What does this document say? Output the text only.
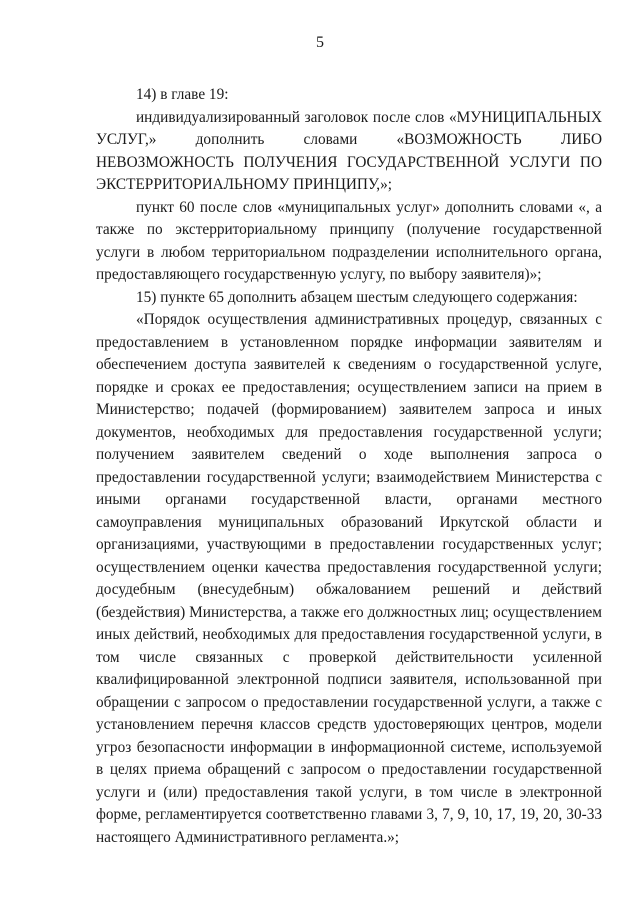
5

14) в главе 19:

индивидуализированный заголовок после слов «МУНИЦИПАЛЬНЫХ УСЛУГ,» дополнить словами «ВОЗМОЖНОСТЬ ЛИБО НЕВОЗМОЖНОСТЬ ПОЛУЧЕНИЯ ГОСУДАРСТВЕННОЙ УСЛУГИ ПО ЭКСТЕРРИТОРИАЛЬНОМУ ПРИНЦИПУ,»;

пункт 60 после слов «муниципальных услуг» дополнить словами «, а также по экстерриториальному принципу (получение государственной услуги в любом территориальном подразделении исполнительного органа, предоставляющего государственную услугу, по выбору заявителя)»;

15) пункте 65 дополнить абзацем шестым следующего содержания:

«Порядок осуществления административных процедур, связанных с предоставлением в установленном порядке информации заявителям и обеспечением доступа заявителей к сведениям о государственной услуге, порядке и сроках ее предоставления; осуществлением записи на прием в Министерство; подачей (формированием) заявителем запроса и иных документов, необходимых для предоставления государственной услуги; получением заявителем сведений о ходе выполнения запроса о предоставлении государственной услуги; взаимодействием Министерства с иными органами государственной власти, органами местного самоуправления муниципальных образований Иркутской области и организациями, участвующими в предоставлении государственных услуг; осуществлением оценки качества предоставления государственной услуги; досудебным (внесудебным) обжалованием решений и действий (бездействия) Министерства, а также его должностных лиц; осуществлением иных действий, необходимых для предоставления государственной услуги, в том числе связанных с проверкой действительности усиленной квалифицированной электронной подписи заявителя, использованной при обращении с запросом о предоставлении государственной услуги, а также с установлением перечня классов средств удостоверяющих центров, модели угроз безопасности информации в информационной системе, используемой в целях приема обращений с запросом о предоставлении государственной услуги и (или) предоставления такой услуги, в том числе в электронной форме, регламентируется соответственно главами 3, 7, 9, 10, 17, 19, 20, 30-33 настоящего Административного регламента.»;
